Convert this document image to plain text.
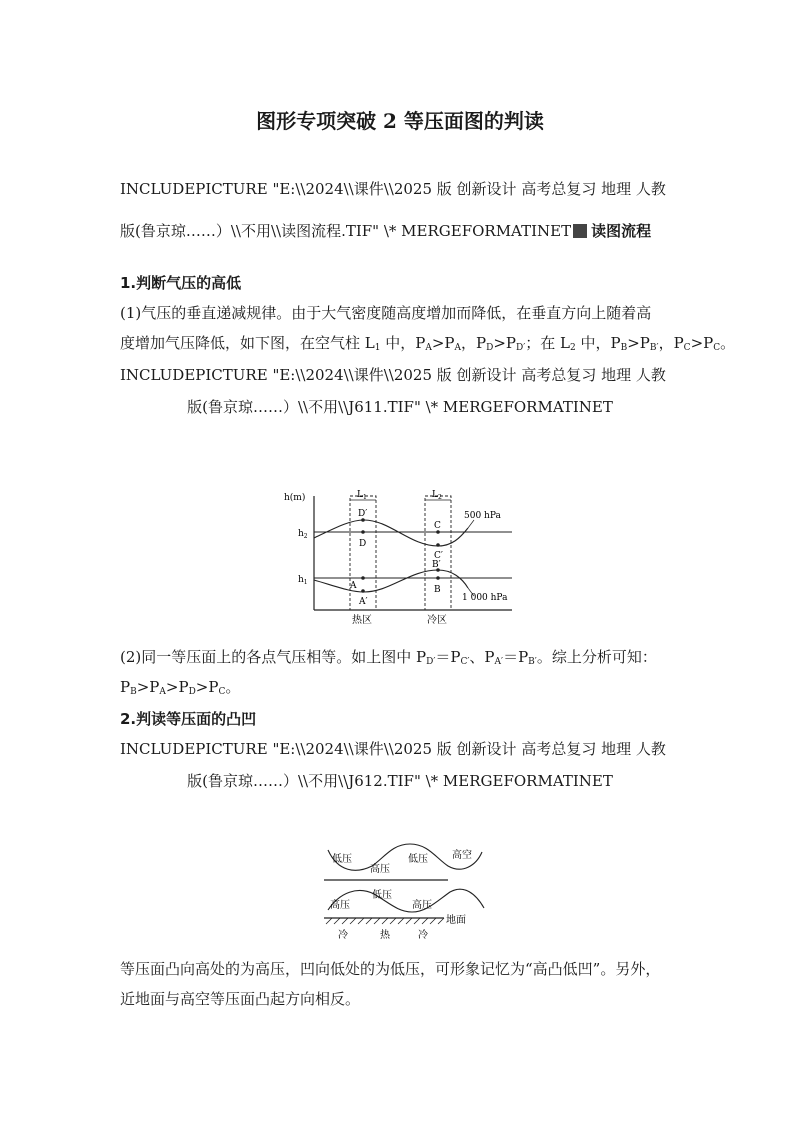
图形专项突破 2 等压面图的判读
INCLUDEPICTURE "E:\\2024\\课件\\2025 版 创新设计 高考总复习 地理 人教
版(鲁京琼……）\\不用\\读图流程.TIF" \* MERGEFORMATINET 读图流程
1.判断气压的高低
(1)气压的垂直递减规律。由于大气密度随高度增加而降低，在垂直方向上随着高
度增加气压降低，如下图，在空气柱 $L_1$ 中，$P_A>P_A$，$P_D>P_{D'}$；在 $L_2$ 中，$P_B>P_{B'}$，$P_C>P_C$。
INCLUDEPICTURE "E:\\2024\\课件\\2025 版 创新设计 高考总复习 地理 人教
版(鲁京琼……）\\不用\\J611.TIF" \* MERGEFORMATINET
h(m)
$h_2$
$h_1$
$L_1$	$L_2$
500 hPa
1 000 hPa
D′
D
C
C′
B′
B
A
A′
热区	冷区
(2)同一等压面上的各点气压相等。如上图中 $P_{D'}=P_{C'}$、$P_{A'}=P_{B'}$。综上分析可知：
$P_B>P_A>P_D>P_C$。
2.判读等压面的凸凹
INCLUDEPICTURE "E:\\2024\\课件\\2025 版 创新设计 高考总复习 地理 人教
版(鲁京琼……）\\不用\\J612.TIF" \* MERGEFORMATINET
低压
高压
低压 高空
高压
低压
高压
地面
冷	热	冷
等压面凸向高处的为高压，凹向低处的为低压，可形象记忆为“高凸低凹”。另外，
近地面与高空等压面凸起方向相反。
